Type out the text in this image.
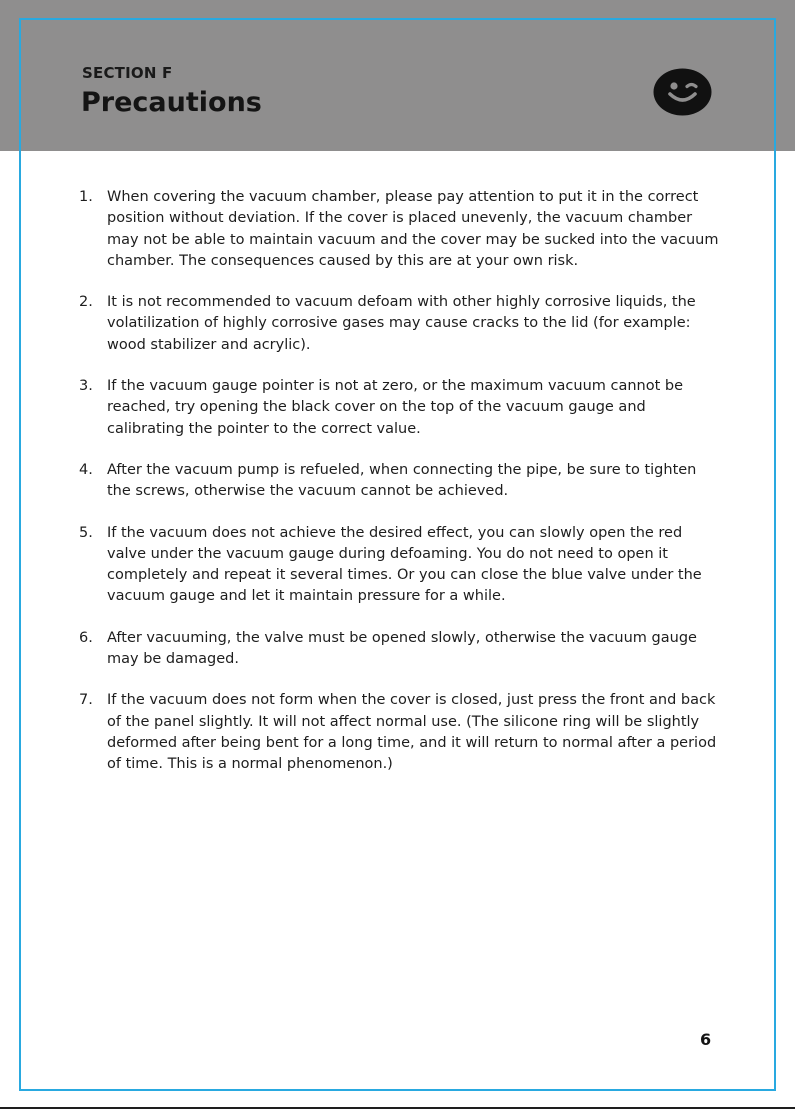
SECTION F
Precautions
1. When covering the vacuum chamber, please pay attention to put it in the correct position without deviation. If the cover is placed unevenly, the vacuum chamber may not be able to maintain vacuum and the cover may be sucked into the vacuum chamber. The consequences caused by this are at your own risk.
2. It is not recommended to vacuum defoam with other highly corrosive liquids, the volatilization of highly corrosive gases may cause cracks to the lid (for example: wood stabilizer and acrylic).
3. If the vacuum gauge pointer is not at zero, or the maximum vacuum cannot be reached, try opening the black cover on the top of the vacuum gauge and calibrating the pointer to the correct value.
4. After the vacuum pump is refueled, when connecting the pipe, be sure to tighten the screws, otherwise the vacuum cannot be achieved.
5. If the vacuum does not achieve the desired effect, you can slowly open the red valve under the vacuum gauge during defoaming. You do not need to open it completely and repeat it several times. Or you can close the blue valve under the vacuum gauge and let it maintain pressure for a while.
6. After vacuuming, the valve must be opened slowly, otherwise the vacuum gauge may be damaged.
7. If the vacuum does not form when the cover is closed, just press the front and back of the panel slightly. It will not affect normal use. (The silicone ring will be slightly deformed after being bent for a long time, and it will return to normal after a period of time. This is a normal phenomenon.)
6
